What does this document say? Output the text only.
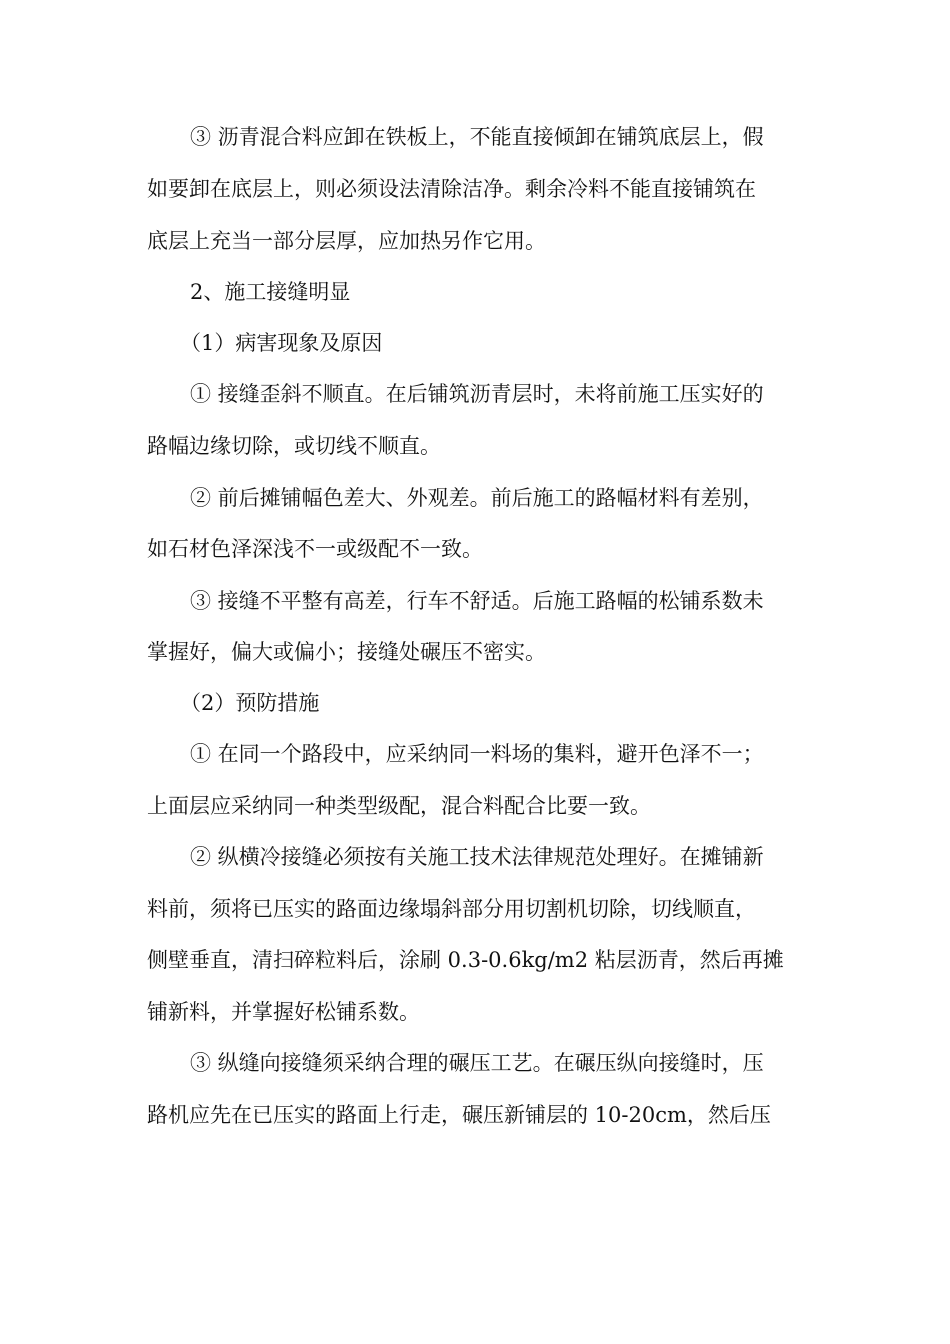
③ 沥青混合料应卸在铁板上，不能直接倾卸在铺筑底层上，假
如要卸在底层上，则必须设法清除洁净。剩余冷料不能直接铺筑在
底层上充当一部分层厚，应加热另作它用。
2、施工接缝明显
（1）病害现象及原因
① 接缝歪斜不顺直。在后铺筑沥青层时，未将前施工压实好的
路幅边缘切除，或切线不顺直。
② 前后摊铺幅色差大、外观差。前后施工的路幅材料有差别，
如石材色泽深浅不一或级配不一致。
③ 接缝不平整有高差，行车不舒适。后施工路幅的松铺系数未
掌握好，偏大或偏小；接缝处碾压不密实。
（2）预防措施
① 在同一个路段中，应采纳同一料场的集料，避开色泽不一；
上面层应采纳同一种类型级配，混合料配合比要一致。
② 纵横冷接缝必须按有关施工技术法律规范处理好。在摊铺新
料前，须将已压实的路面边缘塌斜部分用切割机切除，切线顺直，
侧壁垂直，清扫碎粒料后，涂刷 0.3-0.6kg/m2 粘层沥青，然后再摊
铺新料，并掌握好松铺系数。
③ 纵缝向接缝须采纳合理的碾压工艺。在碾压纵向接缝时，压
路机应先在已压实的路面上行走，碾压新铺层的 10-20cm，然后压
